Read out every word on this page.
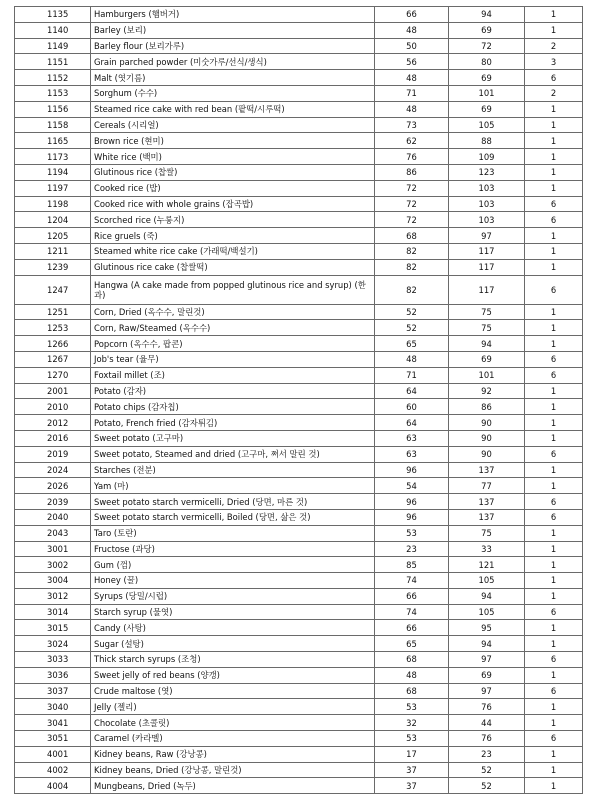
1135	Hamburgers (햄버거)	66	94	1
1140	Barley (보리)	48	69	1
1149	Barley flour (보리가루)	50	72	2
1151	Grain parched powder (미숫가루/선식/생식)	56	80	3
1152	Malt (엿기름)	48	69	6
1153	Sorghum (수수)	71	101	2
1156	Steamed rice cake with red bean (팥떡/시루떡)	48	69	1
1158	Cereals (시리얼)	73	105	1
1165	Brown rice (현미)	62	88	1
1173	White rice (백미)	76	109	1
1194	Glutinous rice (찹쌀)	86	123	1
1197	Cooked rice (밥)	72	103	1
1198	Cooked rice with whole grains (잡곡밥)	72	103	6
1204	Scorched rice (누룽지)	72	103	6
1205	Rice gruels (죽)	68	97	1
1211	Steamed white rice cake (가래떡/백설기)	82	117	1
1239	Glutinous rice cake (찹쌀떡)	82	117	1
1247	Hangwa (A cake made from popped glutinous rice and syrup) (한과)	82	117	6
1251	Corn, Dried (옥수수, 말린것)	52	75	1
1253	Corn, Raw/Steamed (옥수수)	52	75	1
1266	Popcorn (옥수수, 팝콘)	65	94	1
1267	Job's tear (율무)	48	69	6
1270	Foxtail millet (조)	71	101	6
2001	Potato (감자)	64	92	1
2010	Potato chips (감자칩)	60	86	1
2012	Potato, French fried (감자튀김)	64	90	1
2016	Sweet potato (고구마)	63	90	1
2019	Sweet potato, Steamed and dried (고구마, 쪄서 말린 것)	63	90	6
2024	Starches (전분)	96	137	1
2026	Yam (마)	54	77	1
2039	Sweet potato starch vermicelli, Dried (당면, 마른 것)	96	137	6
2040	Sweet potato starch vermicelli, Boiled (당면, 삶은 것)	96	137	6
2043	Taro (토란)	53	75	1
3001	Fructose (과당)	23	33	1
3002	Gum (껌)	85	121	1
3004	Honey (꿀)	74	105	1
3012	Syrups (당밀/시럽)	66	94	1
3014	Starch syrup (물엿)	74	105	6
3015	Candy (사탕)	66	95	1
3024	Sugar (설탕)	65	94	1
3033	Thick starch syrups (조청)	68	97	6
3036	Sweet jelly of red beans (양갱)	48	69	1
3037	Crude maltose (엿)	68	97	6
3040	Jelly (젤리)	53	76	1
3041	Chocolate (초콜릿)	32	44	1
3051	Caramel (카라멜)	53	76	6
4001	Kidney beans, Raw (강낭콩)	17	23	1
4002	Kidney beans, Dried (강낭콩, 말린것)	37	52	1
4004	Mungbeans, Dried (녹두)	37	52	1
